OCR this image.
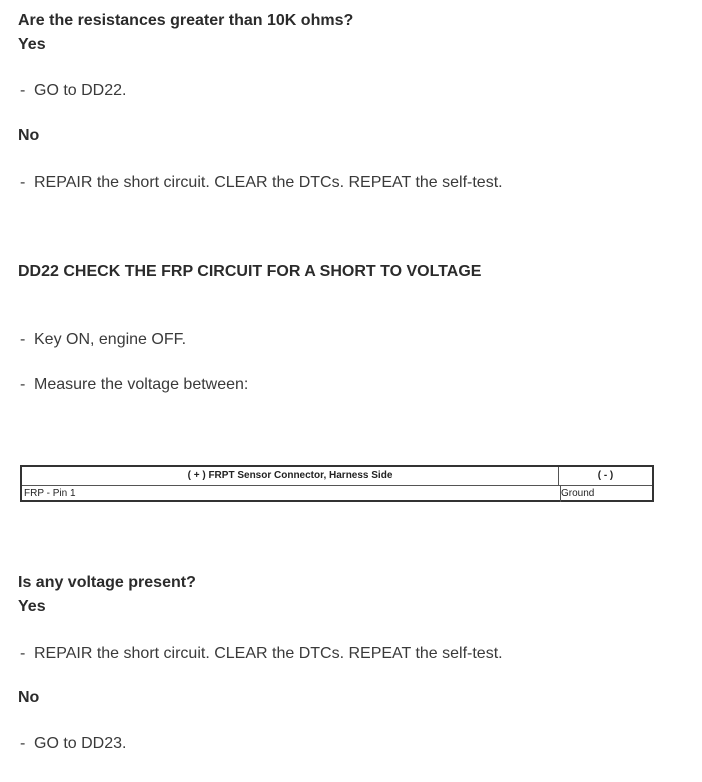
Are the resistances greater than 10K ohms?
Yes
- GO to DD22.
No
- REPAIR the short circuit. CLEAR the DTCs. REPEAT the self-test.
DD22 CHECK THE FRP CIRCUIT FOR A SHORT TO VOLTAGE
- Key ON, engine OFF.
- Measure the voltage between:
( + ) FRPT Sensor Connector, Harness Side	( - )
FRP - Pin 1	Ground
Is any voltage present?
Yes
- REPAIR the short circuit. CLEAR the DTCs. REPEAT the self-test.
No
- GO to DD23.
